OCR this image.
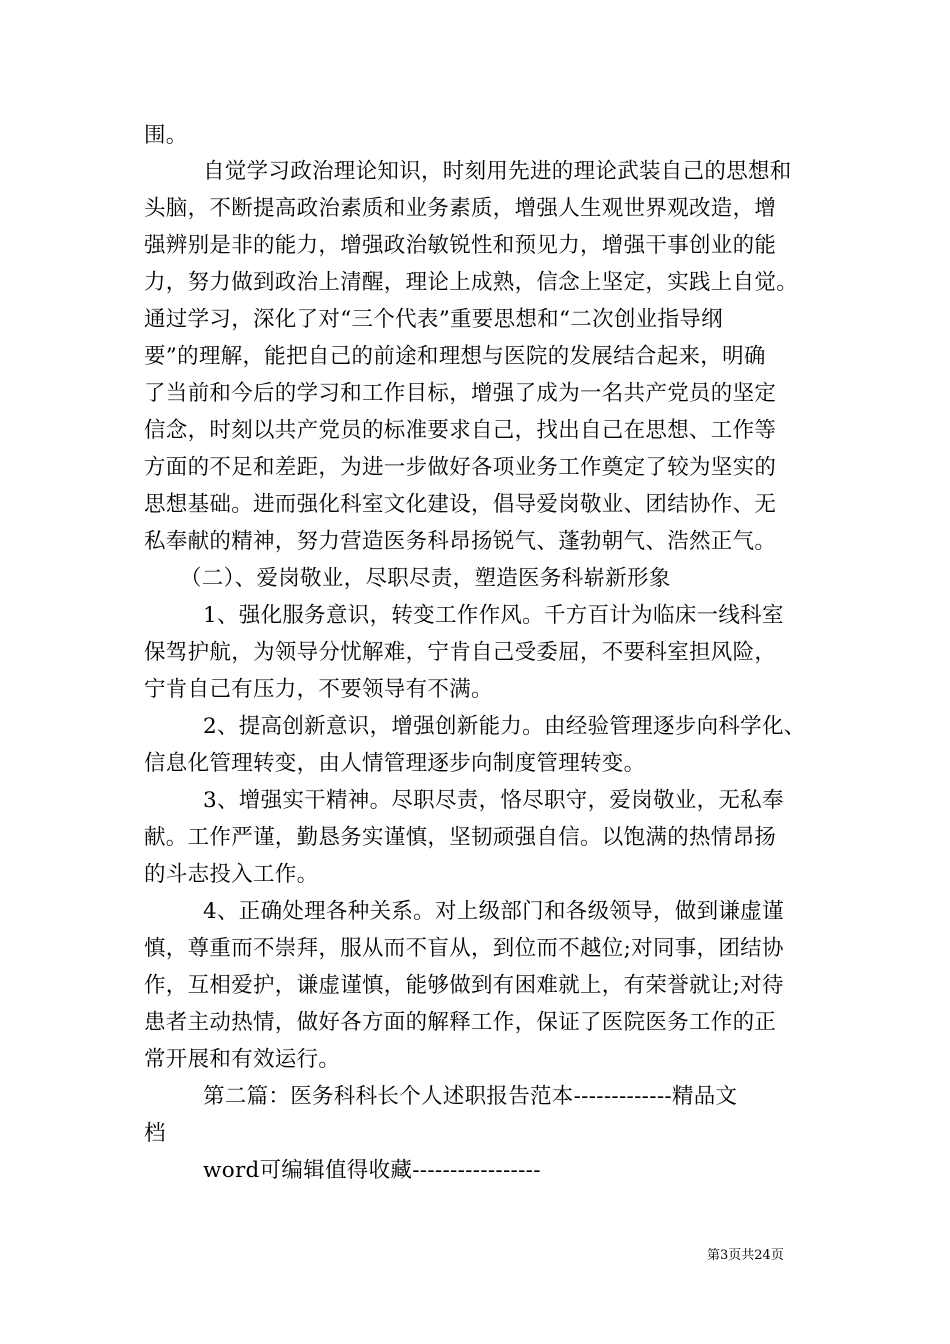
围。
自觉学习政治理论知识，时刻用先进的理论武装自己的思想和
头脑，不断提高政治素质和业务素质，增强人生观世界观改造，增
强辨别是非的能力，增强政治敏锐性和预见力，增强干事创业的能
力，努力做到政治上清醒，理论上成熟，信念上坚定，实践上自觉。
通过学习，深化了对“三个代表”重要思想和“二次创业指导纲
要”的理解，能把自己的前途和理想与医院的发展结合起来，明确
了当前和今后的学习和工作目标，增强了成为一名共产党员的坚定
信念，时刻以共产党员的标准要求自己，找出自己在思想、工作等
方面的不足和差距，为进一步做好各项业务工作奠定了较为坚实的
思想基础。进而强化科室文化建设，倡导爱岗敬业、团结协作、无
私奉献的精神，努力营造医务科昂扬锐气、蓬勃朝气、浩然正气。
（二）、爱岗敬业，尽职尽责，塑造医务科崭新形象
1、强化服务意识，转变工作作风。千方百计为临床一线科室
保驾护航，为领导分忧解难，宁肯自己受委屈，不要科室担风险，
宁肯自己有压力，不要领导有不满。
2、提高创新意识，增强创新能力。由经验管理逐步向科学化、
信息化管理转变，由人情管理逐步向制度管理转变。
3、增强实干精神。尽职尽责，恪尽职守，爱岗敬业，无私奉
献。工作严谨，勤恳务实谨慎，坚韧顽强自信。以饱满的热情昂扬
的斗志投入工作。
4、正确处理各种关系。对上级部门和各级领导，做到谦虚谨
慎，尊重而不崇拜，服从而不盲从，到位而不越位;对同事，团结协
作，互相爱护，谦虚谨慎，能够做到有困难就上，有荣誉就让;对待
患者主动热情，做好各方面的解释工作，保证了医院医务工作的正
常开展和有效运行。
第二篇：医务科科长个人述职报告范本-------------精品文
档
word可编辑值得收藏-----------------
第3页共24页
